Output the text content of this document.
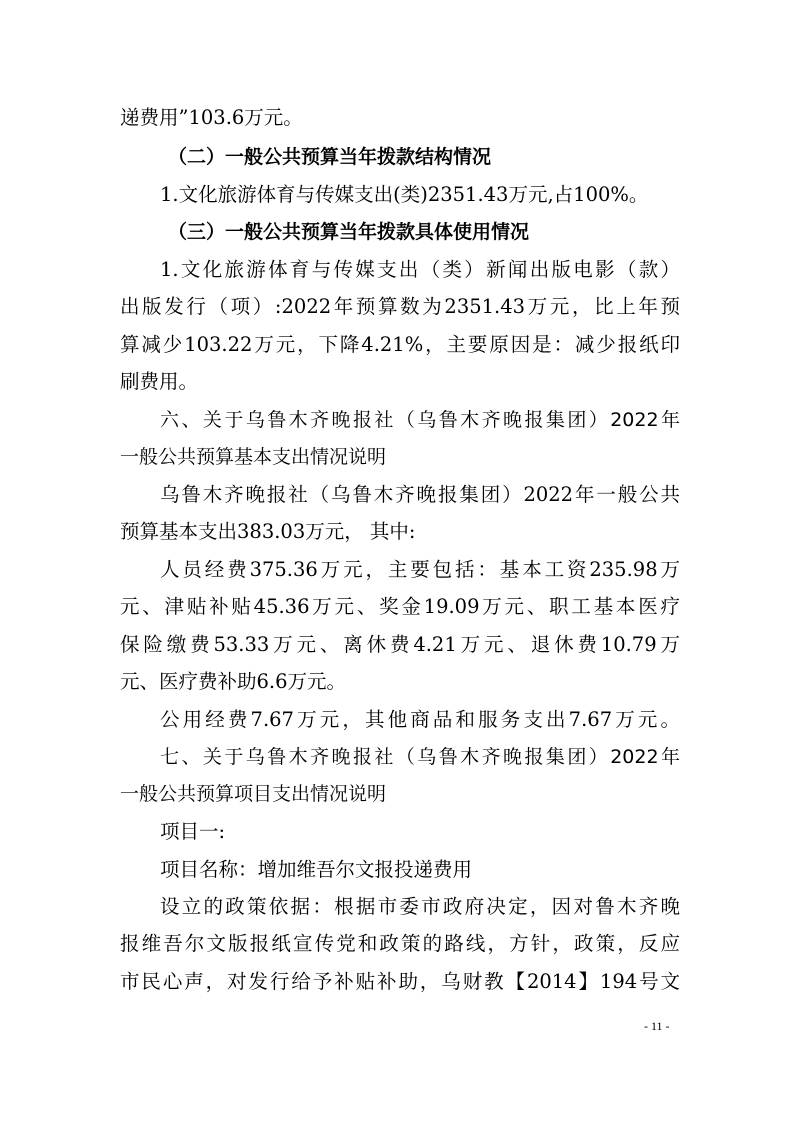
递费用”103.6万元。
（二）一般公共预算当年拨款结构情况
1.文化旅游体育与传媒支出(类)2351.43万元,占100%。
（三）一般公共预算当年拨款具体使用情况
1.文化旅游体育与传媒支出（类）新闻出版电影（款）
出版发行（项）:2022年预算数为2351.43万元，比上年预
算减少103.22万元，下降4.21%，主要原因是：减少报纸印
刷费用。
六、关于乌鲁木齐晚报社（乌鲁木齐晚报集团）2022年
一般公共预算基本支出情况说明
乌鲁木齐晚报社（乌鲁木齐晚报集团）2022年一般公共
预算基本支出383.03万元， 其中:
人员经费375.36万元，主要包括：基本工资235.98万
元、津贴补贴45.36万元、奖金19.09万元、职工基本医疗
保险缴费53.33万元、离休费4.21万元、退休费10.79万
元、医疗费补助6.6万元。
公用经费7.67万元，其他商品和服务支出7.67万元。
七、关于乌鲁木齐晚报社（乌鲁木齐晚报集团）2022年
一般公共预算项目支出情况说明
项目一:
项目名称：增加维吾尔文报投递费用
设立的政策依据：根据市委市政府决定，因对鲁木齐晚
报维吾尔文版报纸宣传党和政策的路线，方针，政策，反应
市民心声，对发行给予补贴补助，乌财教【2014】194号文
- 11 -
